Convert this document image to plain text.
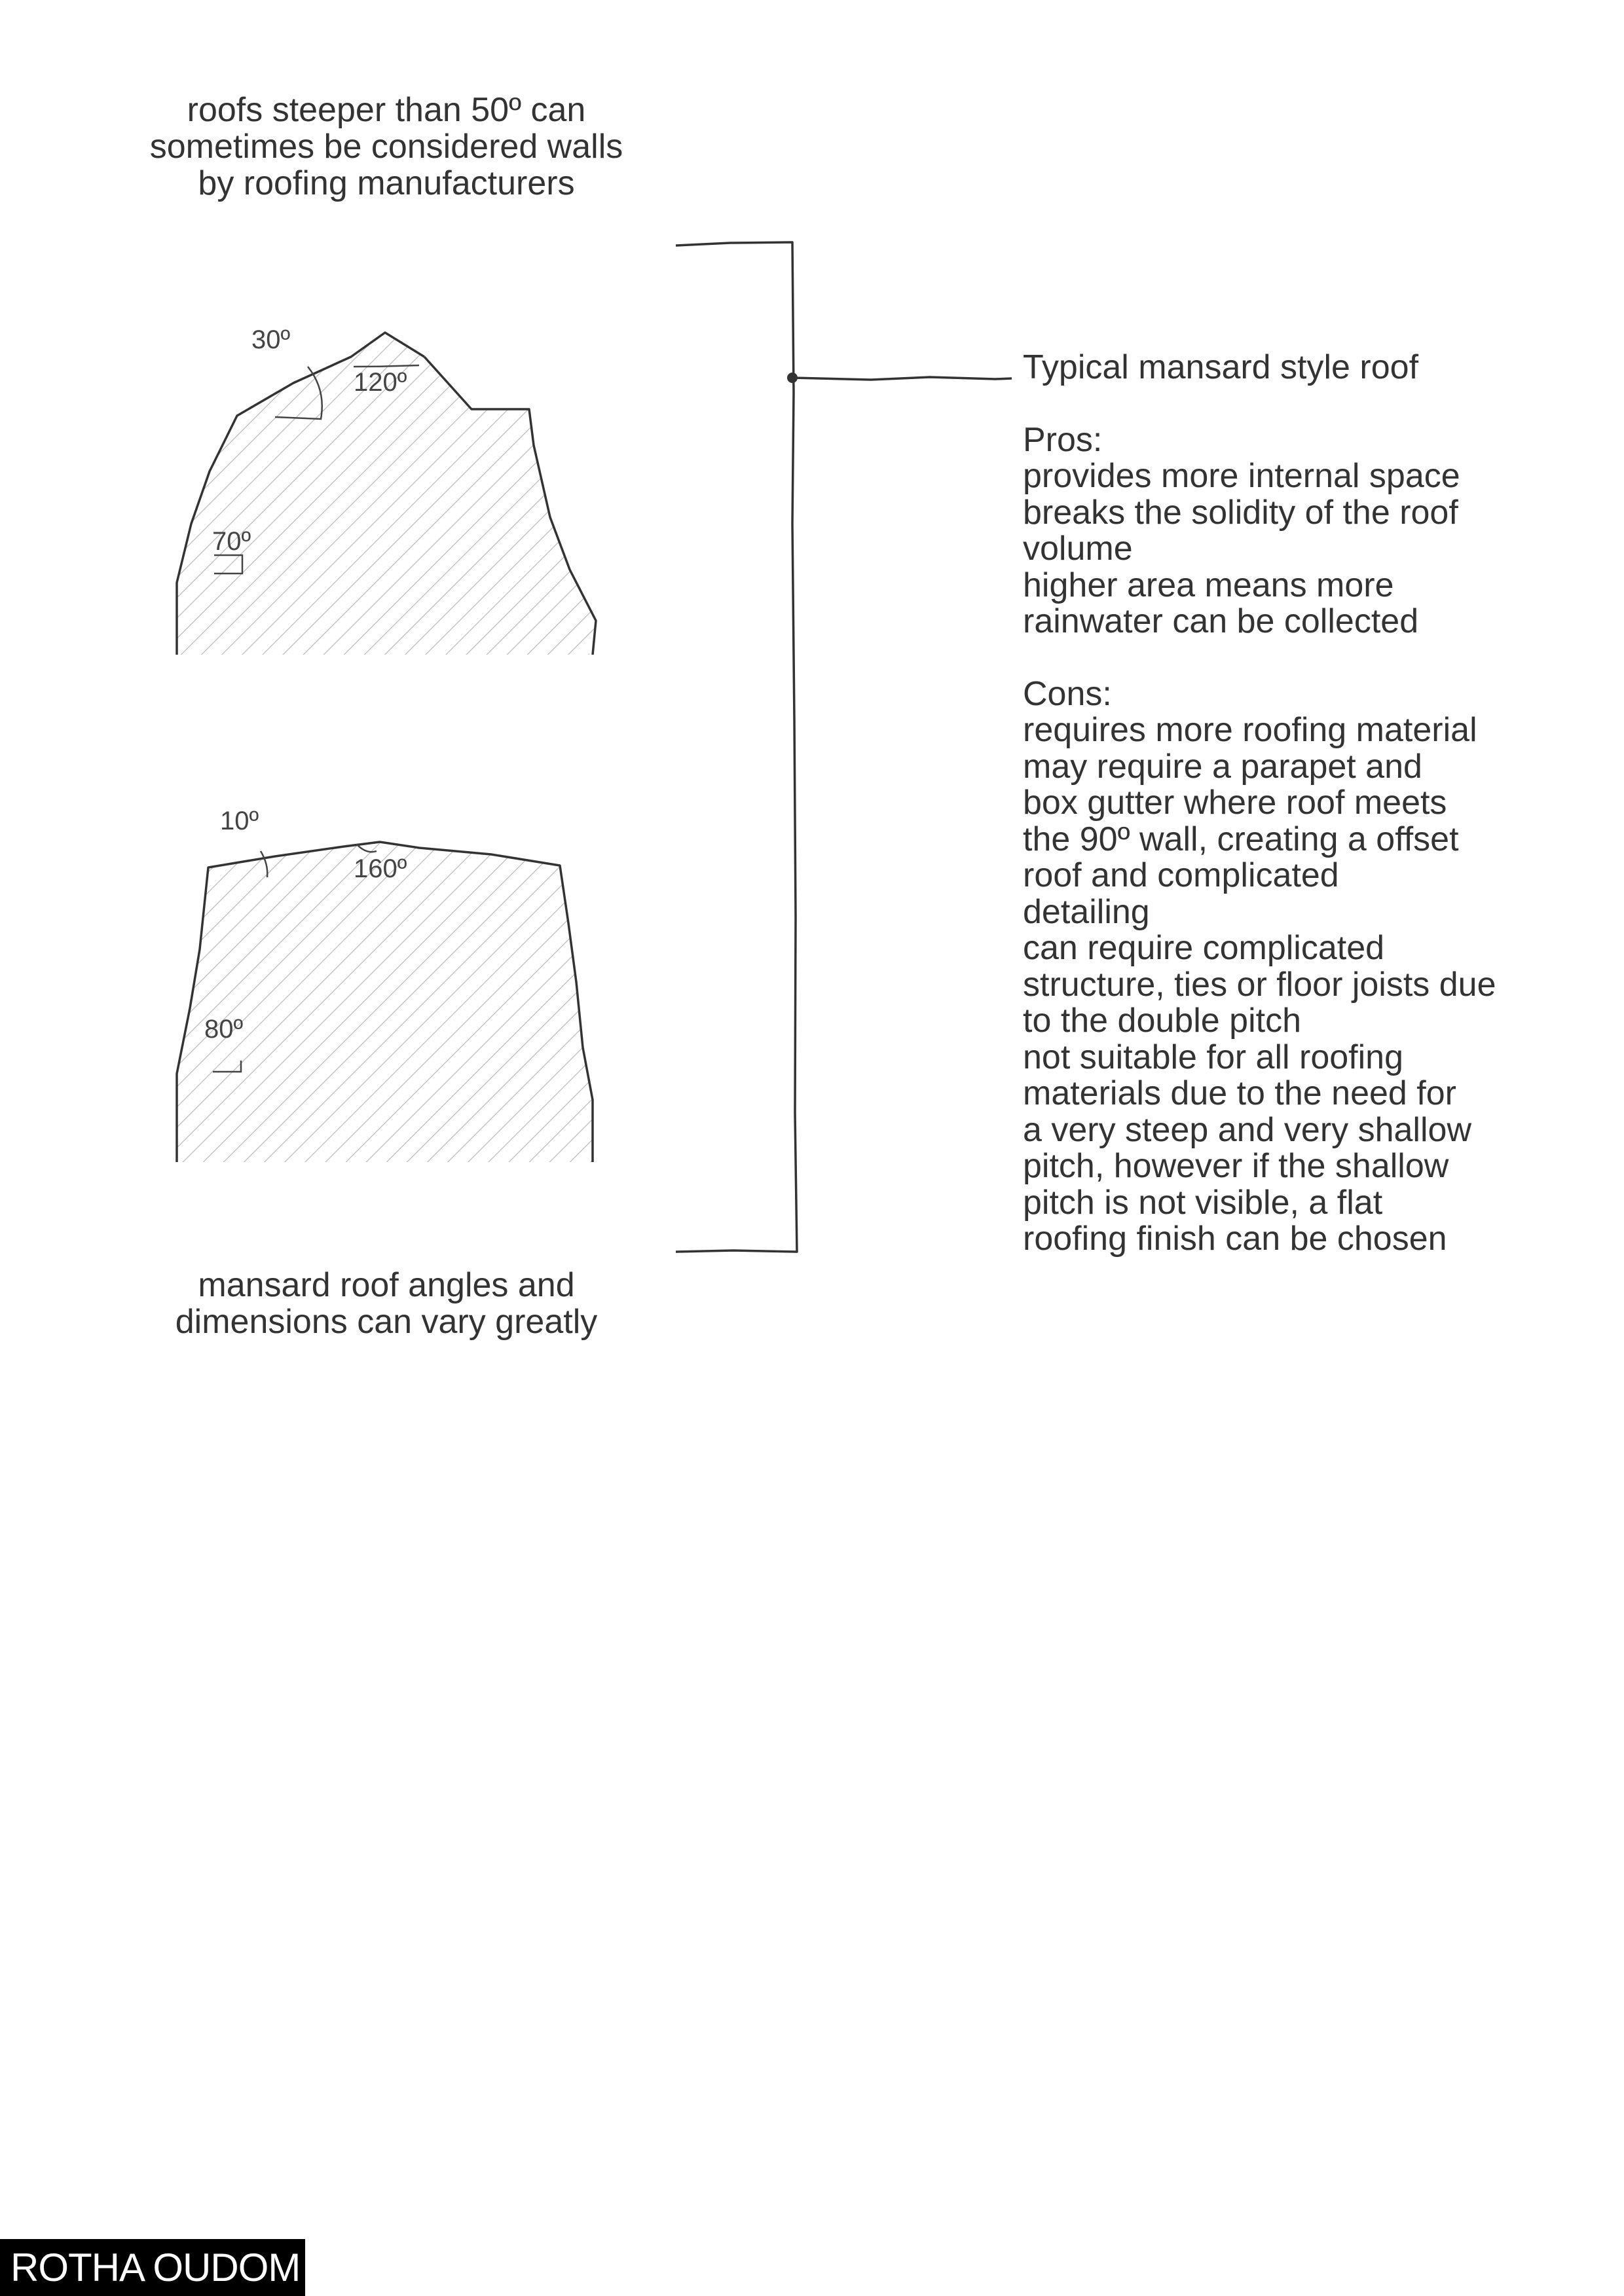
roofs steeper than 50º can
sometimes be considered walls
by roofing manufacturers
30º
120º
70º
10º
160º
80º
mansard roof angles and
dimensions can vary greatly
Typical mansard style roof
Pros:
provides more internal space
breaks the solidity of the roof
volume
higher area means more
rainwater can be collected
Cons:
requires more roofing material
may require a parapet and
box gutter where roof meets
the 90º wall, creating a offset
roof and complicated
detailing
can require complicated
structure, ties or floor joists due
to the double pitch
not suitable for all roofing
materials due to the need for
a very steep and very shallow
pitch, however if the shallow
pitch is not visible, a flat
roofing finish can be chosen
ROTHA OUDOM
